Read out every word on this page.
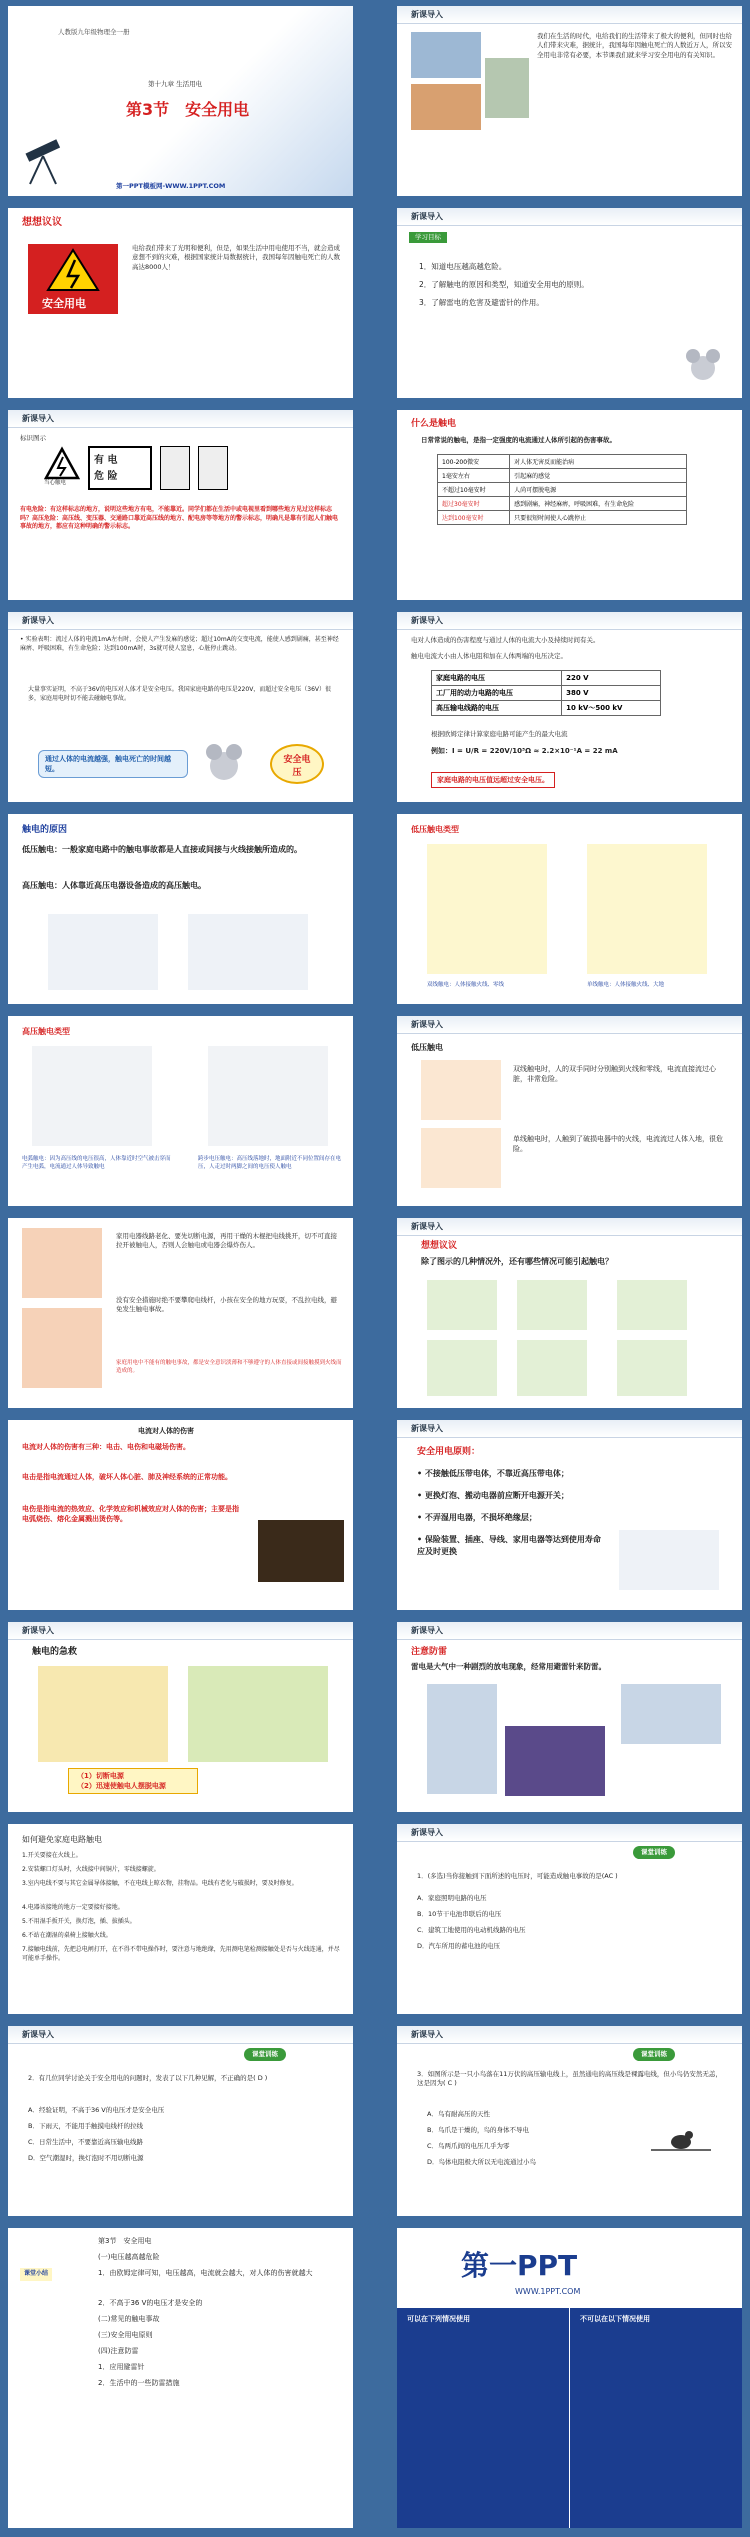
人教版九年级物理全一册
第十九章 生活用电
第3节　安全用电
第一PPT模板网-WWW.1PPT.COM
新课导入
我们在生活的时代，电给我们的生活带来了极大的便利，但同时也给人们带来灾难，据统计，我国每年因触电死亡的人数近万人，所以安全用电非常有必要，本节课我们就来学习安全用电的有关知识。
想想议议
安全用电
电给我们带来了光明和便利，但是，如果生活中用电使用不当，就会造成意想不到的灾难，根据国家统计局数据统计，我国每年因触电死亡的人数高达8000人！
新课导入
学习目标
1．知道电压越高越危险。
2．了解触电的原因和类型，知道安全用电的原则。
3．了解雷电的危害及避雷针的作用。
新课导入
标识图示
当心触电
有 电
危 险
有电危险：有这样标志的地方，说明这些地方有电，不能靠近。同学们都在生活中或电视里看到哪些地方见过这样标志吗？高压危险：高压线、变压器、交通路口靠近高压线的地方、配电房等等地方的警示标志，明确凡是靠有引起人们触电事故的地方，都应有这种明确的警示标志。
什么是触电
日常常说的触电，是指一定强度的电流通过人体所引起的伤害事故。
100-200微安	对人体无害反而能治病
1毫安左右	引起麻的感觉
不超过10毫安时	人尚可摆脱电源
超过30毫安时	感到剧痛，神经麻痹，呼吸困难，有生命危险
达到100毫安时	只要很短时间使人心跳停止
新课导入
• 实验表明：流过人体的电流1mA左右时，会使人产生发麻的感觉；超过10mA的交变电流，能使人感到剧痛，甚至神经麻痹、呼吸困难，有生命危险；达到100mA时，3s就可使人窒息，心脏停止跳动。
大量事实证明，不高于36V的电压对人体才是安全电压。我国家庭电路的电压是220V，而超过安全电压（36V）很多，家庭用电时切不能去碰触电事故。
通过人体的电流越强，触电死亡的时间越短。
安全电压
新课导入
电对人体造成的伤害程度与通过人体的电流大小及持续时间有关。
触电电流大小由人体电阻和加在人体两端的电压决定。
家庭电路的电压	220 V
工厂用的动力电路的电压	380 V
高压输电线路的电压	10 kV～500 kV
根据欧姆定律计算家庭电路可能产生的最大电流
例如：I = U/R = 220V/10³Ω ≈ 2.2×10⁻¹A = 22 mA
家庭电路的电压值远超过安全电压。
触电的原因
低压触电：一般家庭电路中的触电事故都是人直接或间接与火线接触所造成的。
高压触电：人体靠近高压电器设备造成的高压触电。
低压触电类型
双线触电：人体接触火线、零线	单线触电：人体接触火线、大地
高压触电类型
电弧触电：因为高压线的电压很高，人体靠近时空气被击穿而产生电弧，电流通过人体导致触电
跨步电压触电：高压线落地时，地面附近不同位置间存在电压，人走过时两脚之间的电压使人触电
新课导入
低压触电
双线触电时，人的双手同时分别触到火线和零线，电流直接流过心脏，非常危险。
单线触电时，人触到了破损电器中的火线，电流流过人体入地，很危险。
家用电器线路老化、要先切断电源，再用干燥的木棍把电线挑开，切不可直接拉开被触电人，否则人会触电或电器会爆炸伤人。
没有安全措施时绝不要攀爬电线杆，小孩在安全的地方玩耍，不乱拉电线，避免发生触电事故。
家庭用电中不能有的触电事故，都是安全意识淡薄和不够遵守的人体直接或间接触摸到火线而造成的。
新课导入
想想议议
除了图示的几种情况外，还有哪些情况可能引起触电？
电流对人体的伤害
电流对人体的伤害有三种：电击、电伤和电磁场伤害。
电击是指电流通过人体，破坏人体心脏、肺及神经系统的正常功能。
电伤是指电流的热效应、化学效应和机械效应对人体的伤害；主要是指电弧烧伤、熔化金属溅出烫伤等。
新课导入
安全用电原则：
• 不接触低压带电体，不靠近高压带电体；
• 更换灯泡、搬动电器前应断开电源开关；
• 不弄湿用电器，不损坏绝缘层；
• 保险装置、插座、导线、家用电器等达到使用寿命应及时更换
新课导入
触电的急救
（1）切断电源
（2）迅速使触电人摆脱电源
新课导入
注意防雷
雷电是大气中一种剧烈的放电现象，经常用避雷针来防雷。
如何避免家庭电路触电
1.开关要接在火线上。
2.安装螺口灯头时，火线接中间铜片，零线接螺旋。
3.室内电线不要与其它金属导体接触，不在电线上晾衣物，挂物品。电线有老化与破损时，要及时修复。
4.电器该接地的地方一定要接好接地。
5.不用湿手扳开关，换灯泡，插、拔插头。
6.不站在潮湿的桌椅上接触火线。
7.接触电线前，先把总电闸打开，在不得不带电操作时，要注意与地绝缘，先用测电笔检测接触处是否与火线连通，并尽可能单手操作。
新课导入
课堂训练
1．(多选)当你接触到下面所述的电压时，可能造成触电事故的是(AC )
A．家庭照明电路的电压
B．10节干电池串联后的电压
C．建筑工地使用的电动机线路的电压
D．汽车所用的蓄电池的电压
新课导入
课堂训练
2．有几位同学讨论关于安全用电的问题时，发表了以下几种见解，不正确的是( D )
A．经验证明，不高于36 V的电压才是安全电压
B．下雨天，不能用手触摸电线杆的拉线
C．日常生活中，不要靠近高压输电线路
D．空气潮湿时，换灯泡时不用切断电源
新课导入
课堂训练
3．如图所示是一只小鸟落在11万伏的高压输电线上，虽然通电的高压线是裸露电线，但小鸟仍安然无恙，这是因为( C )
A．鸟有耐高压的天性
B．鸟爪是干燥的，鸟的身体不导电
C．鸟两爪间的电压几乎为零
D．鸟体电阻极大所以无电流通过小鸟
第3节　安全用电
课堂小结
(一)电压越高越危险
1．由欧姆定律可知，电压越高，电流就会越大，对人体的伤害就越大
2．不高于36 V的电压才是安全的
(二)常见的触电事故
(三)安全用电原则
(四)注意防雷
1．应用避雷针
2．生活中的一些防雷措施
第一PPT
WWW.1PPT.COM
可以在下列情况使用	不可以在以下情况使用
